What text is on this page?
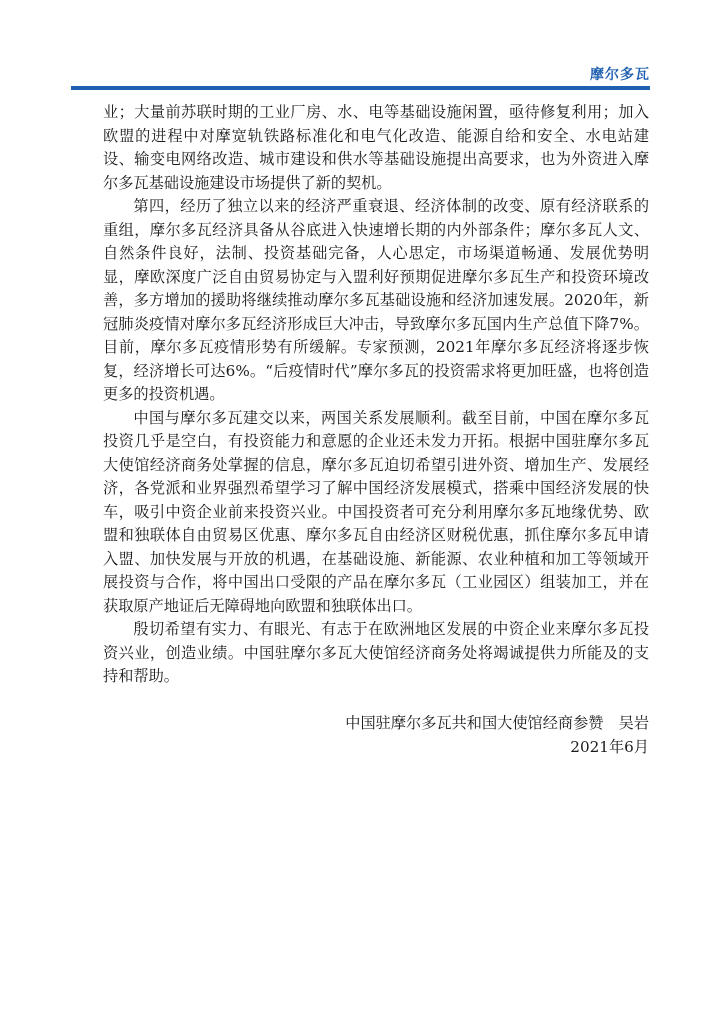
摩尔多瓦

业；大量前苏联时期的工业厂房、水、电等基础设施闲置，亟待修复利用；加入欧盟的进程中对摩宽轨铁路标准化和电气化改造、能源自给和安全、水电站建设、输变电网络改造、城市建设和供水等基础设施提出高要求，也为外资进入摩尔多瓦基础设施建设市场提供了新的契机。

第四，经历了独立以来的经济严重衰退、经济体制的改变、原有经济联系的重组，摩尔多瓦经济具备从谷底进入快速增长期的内外部条件；摩尔多瓦人文、自然条件良好，法制、投资基础完备，人心思定，市场渠道畅通、发展优势明显，摩欧深度广泛自由贸易协定与入盟利好预期促进摩尔多瓦生产和投资环境改善，多方增加的援助将继续推动摩尔多瓦基础设施和经济加速发展。2020年，新冠肺炎疫情对摩尔多瓦经济形成巨大冲击，导致摩尔多瓦国内生产总值下降7%。目前，摩尔多瓦疫情形势有所缓解。专家预测，2021年摩尔多瓦经济将逐步恢复，经济增长可达6%。“后疫情时代”摩尔多瓦的投资需求将更加旺盛，也将创造更多的投资机遇。

中国与摩尔多瓦建交以来，两国关系发展顺利。截至目前，中国在摩尔多瓦投资几乎是空白，有投资能力和意愿的企业还未发力开拓。根据中国驻摩尔多瓦大使馆经济商务处掌握的信息，摩尔多瓦迫切希望引进外资、增加生产、发展经济，各党派和业界强烈希望学习了解中国经济发展模式，搭乘中国经济发展的快车，吸引中资企业前来投资兴业。中国投资者可充分利用摩尔多瓦地缘优势、欧盟和独联体自由贸易区优惠、摩尔多瓦自由经济区财税优惠，抓住摩尔多瓦申请入盟、加快发展与开放的机遇，在基础设施、新能源、农业种植和加工等领域开展投资与合作，将中国出口受限的产品在摩尔多瓦（工业园区）组装加工，并在获取原产地证后无障碍地向欧盟和独联体出口。

殷切希望有实力、有眼光、有志于在欧洲地区发展的中资企业来摩尔多瓦投资兴业，创造业绩。中国驻摩尔多瓦大使馆经济商务处将竭诚提供力所能及的支持和帮助。

中国驻摩尔多瓦共和国大使馆经商参赞　吴岩
2021年6月
